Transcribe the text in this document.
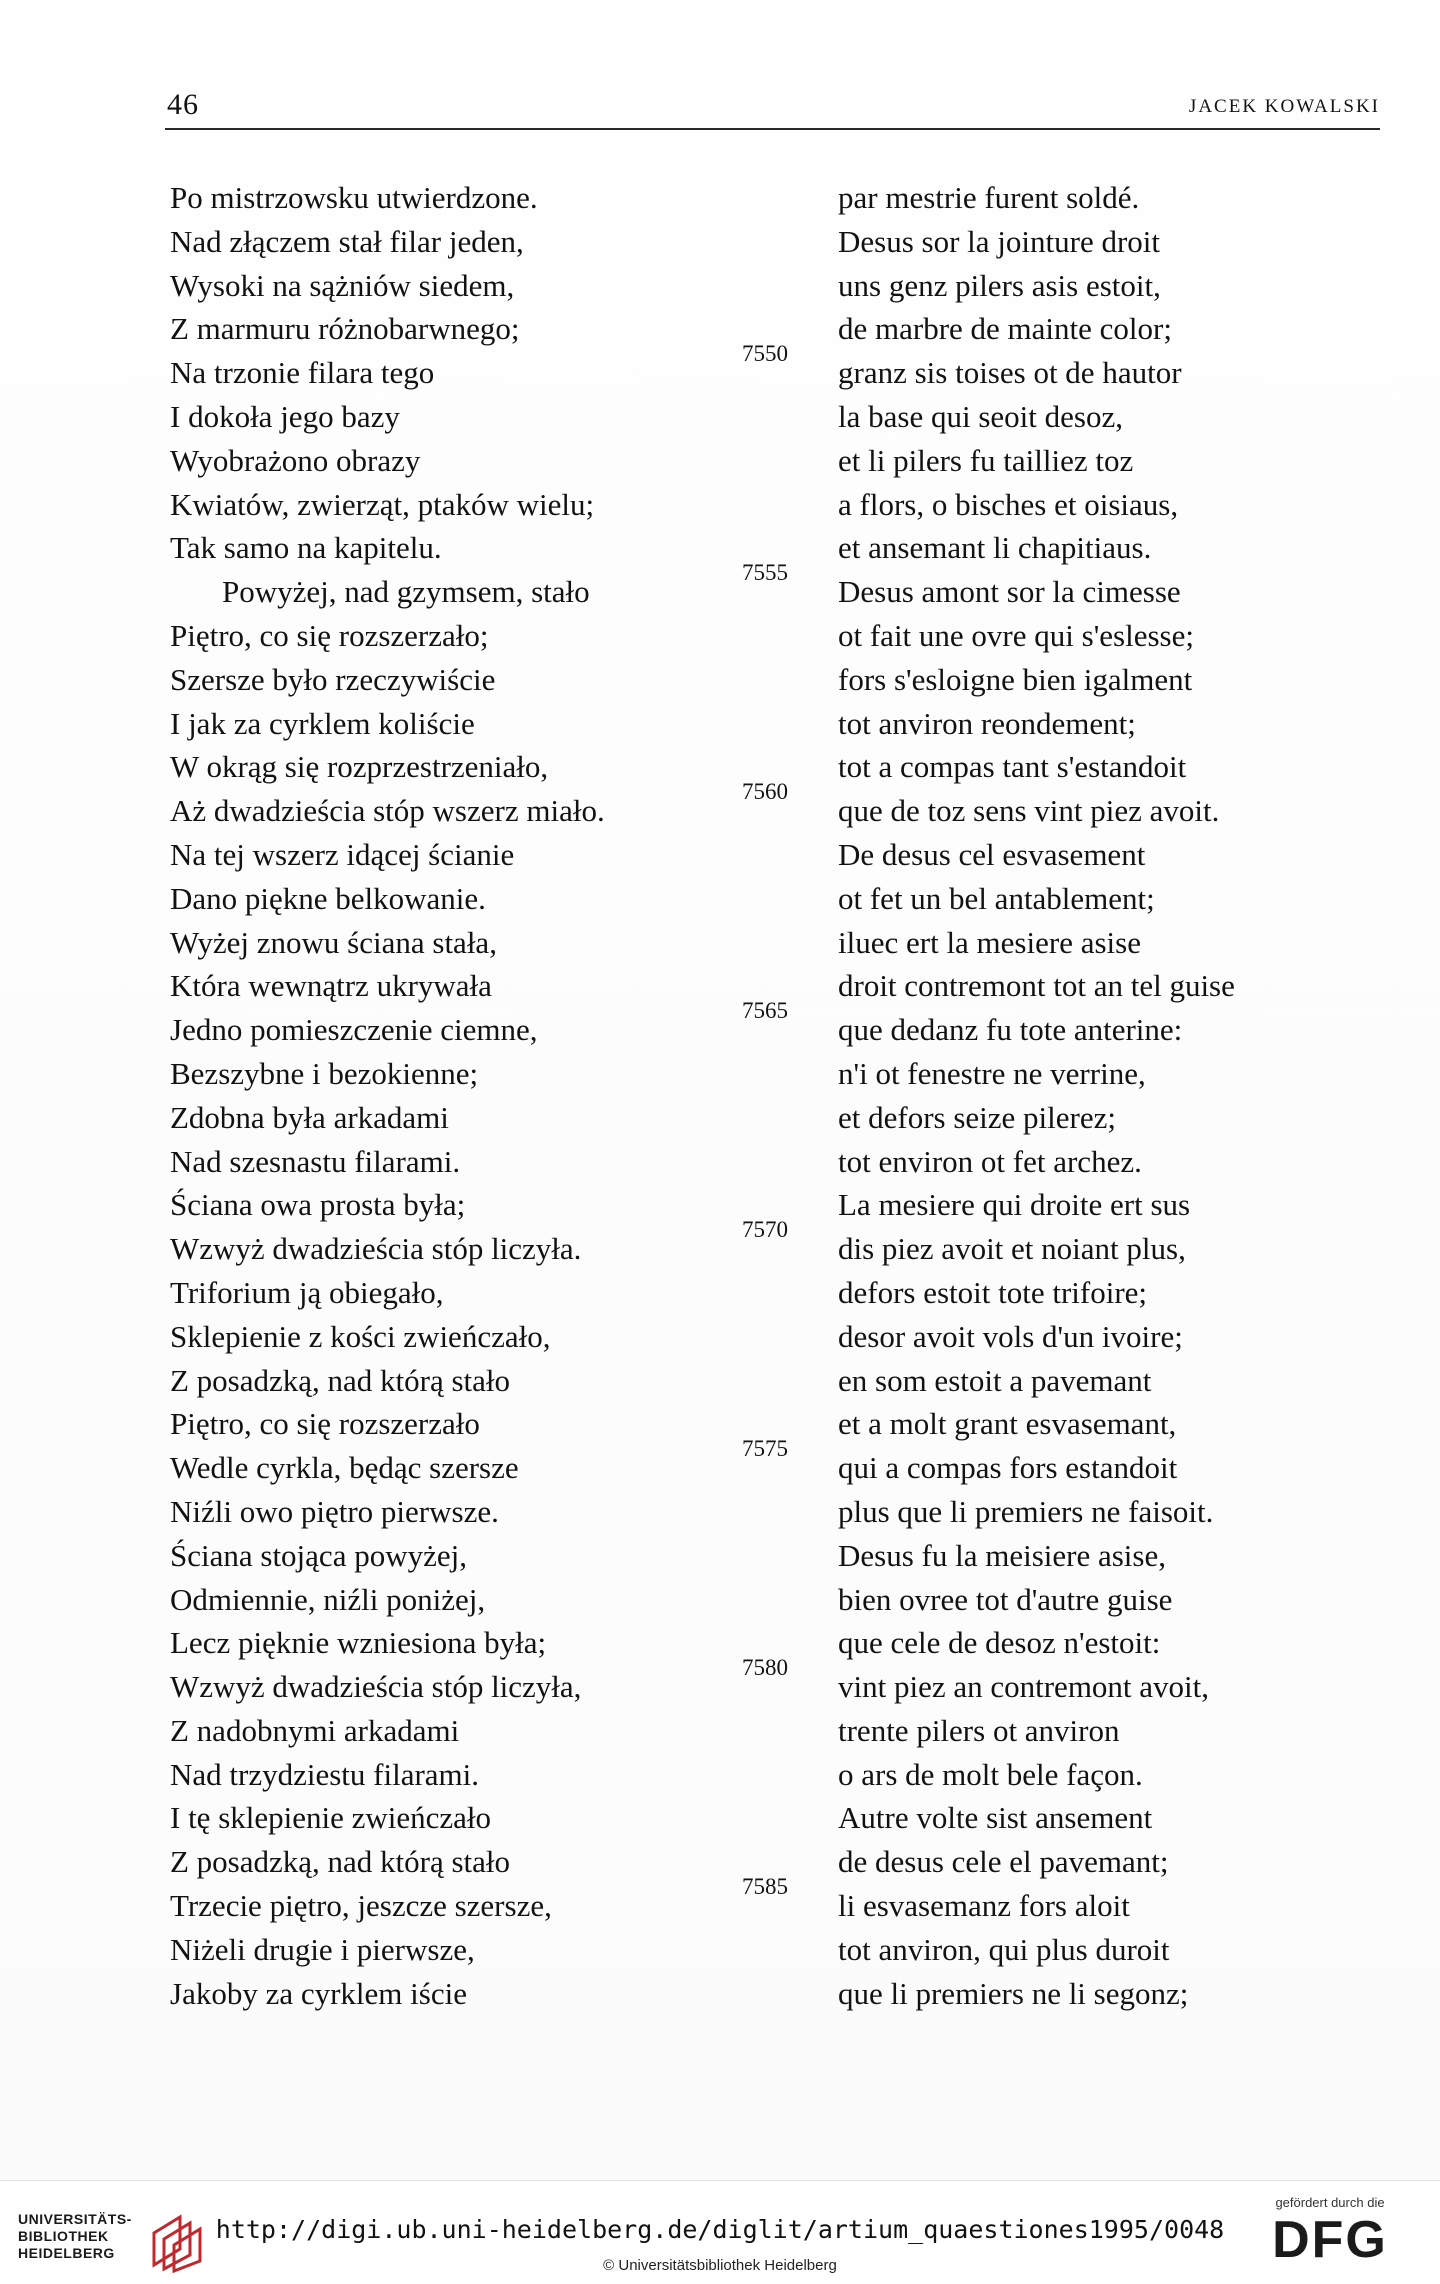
46	JACEK KOWALSKI
Po mistrzowsku utwierdzone.
Nad złączem stał filar jeden,
Wysoki na sążniów siedem,
Z marmuru różnobarwnego;
Na trzonie filara tego
I dokoła jego bazy
Wyobrażono obrazy
Kwiatów, zwierząt, ptaków wielu;
Tak samo na kapitelu.
Powyżej, nad gzymsem, stało
Piętro, co się rozszerzało;
Szersze było rzeczywiście
I jak za cyrklem koliście
W okrąg się rozprzestrzeniało,
Aż dwadzieścia stóp wszerz miało.
Na tej wszerz idącej ścianie
Dano piękne belkowanie.
Wyżej znowu ściana stała,
Która wewnątrz ukrywała
Jedno pomieszczenie ciemne,
Bezszybne i bezokienne;
Zdobna była arkadami
Nad szesnastu filarami.
Ściana owa prosta była;
Wzwyż dwadzieścia stóp liczyła.
Triforium ją obiegało,
Sklepienie z kości zwieńczało,
Z posadzką, nad którą stało
Piętro, co się rozszerzało
Wedle cyrkla, będąc szersze
Niźli owo piętro pierwsze.
Ściana stojąca powyżej,
Odmiennie, niźli poniżej,
Lecz pięknie wzniesiona była;
Wzwyż dwadzieścia stóp liczyła,
Z nadobnymi arkadami
Nad trzydziestu filarami.
I tę sklepienie zwieńczało
Z posadzką, nad którą stało
Trzecie piętro, jeszcze szersze,
Niżeli drugie i pierwsze,
Jakoby za cyrklem iście
7550
7555
7560
7565
7570
7575
7580
7585
par mestrie furent soldé.
Desus sor la jointure droit
uns genz pilers asis estoit,
de marbre de mainte color;
granz sis toises ot de hautor
la base qui seoit desoz,
et li pilers fu tailliez toz
a flors, o bisches et oisiaus,
et ansemant li chapitiaus.
Desus amont sor la cimesse
ot fait une ovre qui s'eslesse;
fors s'esloigne bien igalment
tot anviron reondement;
tot a compas tant s'estandoit
que de toz sens vint piez avoit.
De desus cel esvasement
ot fet un bel antablement;
iluec ert la mesiere asise
droit contremont tot an tel guise
que dedanz fu tote anterine:
n'i ot fenestre ne verrine,
et defors seize pilerez;
tot environ ot fet archez.
La mesiere qui droite ert sus
dis piez avoit et noiant plus,
defors estoit tote trifoire;
desor avoit vols d'un ivoire;
en som estoit a pavemant
et a molt grant esvasemant,
qui a compas fors estandoit
plus que li premiers ne faisoit.
Desus fu la meisiere asise,
bien ovree tot d'autre guise
que cele de desoz n'estoit:
vint piez an contremont avoit,
trente pilers ot anviron
o ars de molt bele façon.
Autre volte sist ansement
de desus cele el pavemant;
li esvasemanz fors aloit
tot anviron, qui plus duroit
que li premiers ne li segonz;
UNIVERSITÄTS-
BIBLIOTHEK
HEIDELBERG
http://digi.ub.uni-heidelberg.de/diglit/artium_quaestiones1995/0048
© Universitätsbibliothek Heidelberg
gefördert durch die
DFG
